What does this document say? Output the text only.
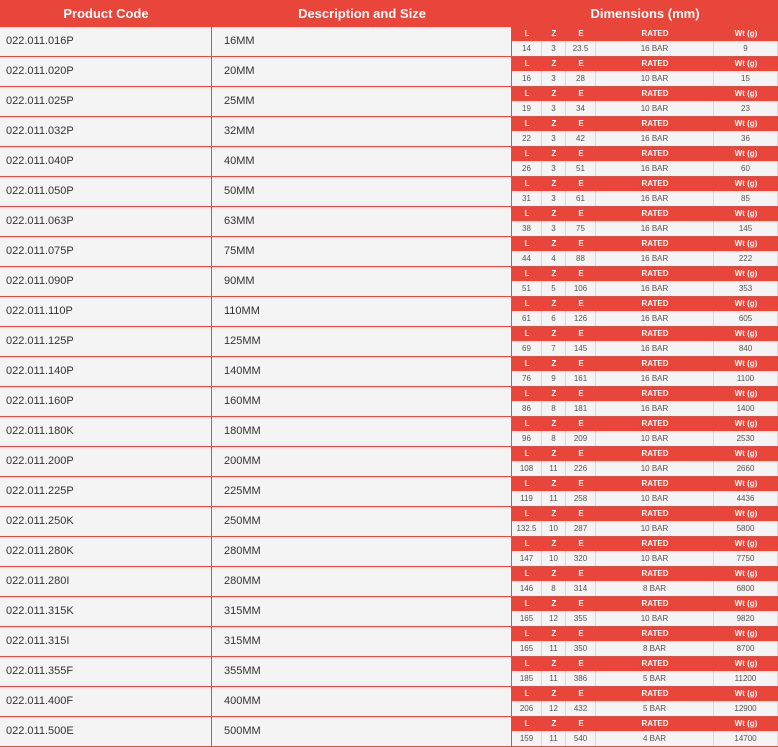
Product Code	Description and Size	Dimensions (mm)
022.011.016P	16MM
L	Z	E	RATED	Wt (g)
14	3	23.5	16 BAR	9
022.011.020P	20MM
L	Z	E	RATED	Wt (g)
16	3	28	10 BAR	15
022.011.025P	25MM
L	Z	E	RATED	Wt (g)
19	3	34	10 BAR	23
022.011.032P	32MM
L	Z	E	RATED	Wt (g)
22	3	42	16 BAR	36
022.011.040P	40MM
L	Z	E	RATED	Wt (g)
26	3	51	16 BAR	60
022.011.050P	50MM
L	Z	E	RATED	Wt (g)
31	3	61	16 BAR	85
022.011.063P	63MM
L	Z	E	RATED	Wt (g)
38	3	75	16 BAR	145
022.011.075P	75MM
L	Z	E	RATED	Wt (g)
44	4	88	16 BAR	222
022.011.090P	90MM
L	Z	E	RATED	Wt (g)
51	5	106	16 BAR	353
022.011.110P	110MM
L	Z	E	RATED	Wt (g)
61	6	126	16 BAR	605
022.011.125P	125MM
L	Z	E	RATED	Wt (g)
69	7	145	16 BAR	840
022.011.140P	140MM
L	Z	E	RATED	Wt (g)
76	9	161	16 BAR	1100
022.011.160P	160MM
L	Z	E	RATED	Wt (g)
86	8	181	16 BAR	1400
022.011.180K	180MM
L	Z	E	RATED	Wt (g)
96	8	209	10 BAR	2530
022.011.200P	200MM
L	Z	E	RATED	Wt (g)
108	11	226	10 BAR	2660
022.011.225P	225MM
L	Z	E	RATED	Wt (g)
119	11	258	10 BAR	4436
022.011.250K	250MM
L	Z	E	RATED	Wt (g)
132.5	10	287	10 BAR	5800
022.011.280K	280MM
L	Z	E	RATED	Wt (g)
147	10	320	10 BAR	7750
022.011.280I	280MM
L	Z	E	RATED	Wt (g)
146	8	314	8 BAR	6800
022.011.315K	315MM
L	Z	E	RATED	Wt (g)
165	12	355	10 BAR	9820
022.011.315I	315MM
L	Z	E	RATED	Wt (g)
165	11	350	8 BAR	8700
022.011.355F	355MM
L	Z	E	RATED	Wt (g)
185	11	386	5 BAR	11200
022.011.400F	400MM
L	Z	E	RATED	Wt (g)
206	12	432	5 BAR	12900
022.011.500E	500MM
L	Z	E	RATED	Wt (g)
159	11	540	4 BAR	14700
